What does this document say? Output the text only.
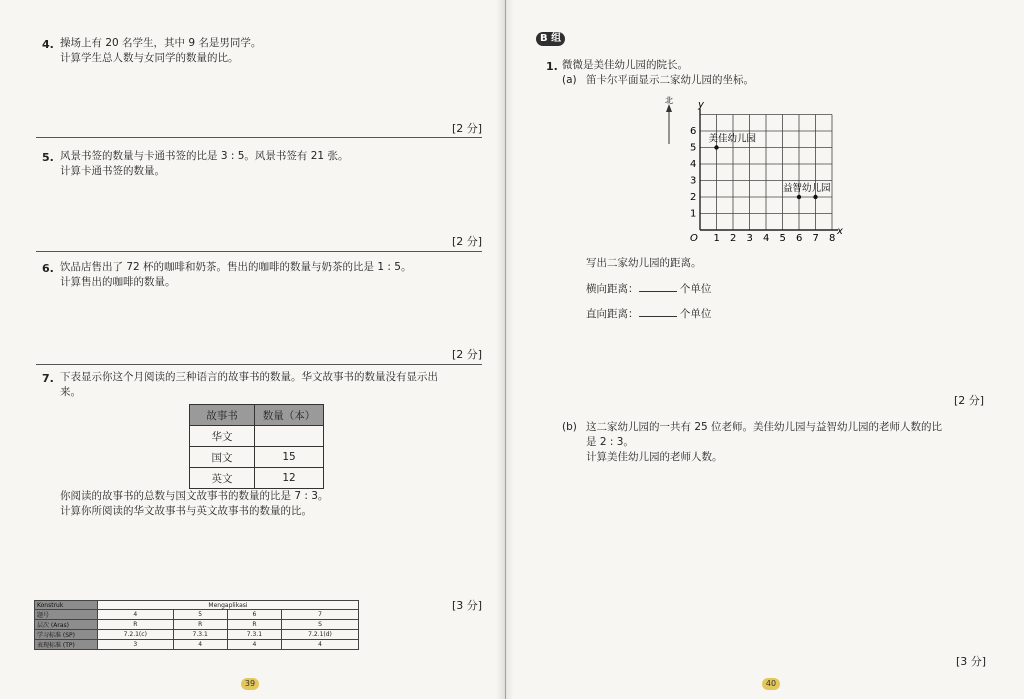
4. 操场上有 20 名学生，其中 9 名是男同学。
计算学生总人数与女同学的数量的比。
[2 分]
5. 风景书签的数量与卡通书签的比是 3 : 5。风景书签有 21 张。
计算卡通书签的数量。
[2 分]
6. 饮品店售出了 72 杯的咖啡和奶茶。售出的咖啡的数量与奶茶的比是 1 : 5。
计算售出的咖啡的数量。
[2 分]
7. 下表显示你这个月阅读的三种语言的故事书的数量。华文故事书的数量没有显示出
来。
故事书	数量（本）
华文	
国文	15
英文	12
你阅读的故事书的总数与国文故事书的数量的比是 7 : 3。
计算你所阅读的华文故事书与英文故事书的数量的比。
[3 分]
Konstruk	Mengaplikasi			
题号	4	5	6	7
层次 (Aras)	R	R	R	S
学习标准 (SP)	7.2.1(c)	7.3.1	7.3.1	7.2.1(d)
表现标准 (TP)	3	4	4	4
39
B 组
1. 微微是美佳幼儿园的院长。
(a) 笛卡尔平面显示二家幼儿园的坐标。
1 2 3 4 5 6 7 8
1
2
3
4
5
6
O
x
y
美佳幼儿园
益智幼儿园
北
写出二家幼儿园的距离。
横向距离：	个单位
直向距离：	个单位
[2 分]
(b) 这二家幼儿园的一共有 25 位老师。美佳幼儿园与益智幼儿园的老师人数的比
是 2 : 3。
计算美佳幼儿园的老师人数。
[3 分]
40
